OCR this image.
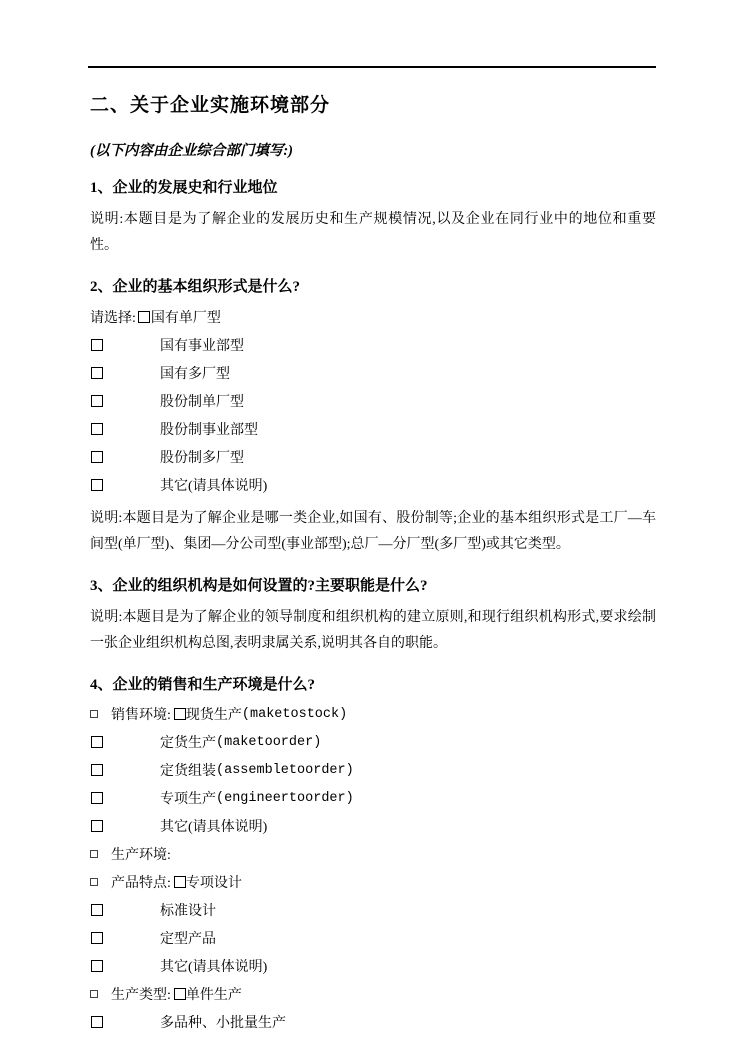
二、关于企业实施环境部分
(以下内容由企业综合部门填写:)
1、企业的发展史和行业地位

说明:本题目是为了解企业的发展历史和生产规模情况,以及企业在同行业中的地位和重要性。

2、企业的基本组织形式是什么?
请选择: 国有单厂型
国有事业部型
国有多厂型
股份制单厂型
股份制事业部型
股份制多厂型
其它(请具体说明)

说明:本题目是为了解企业是哪一类企业,如国有、股份制等;企业的基本组织形式是工厂—车间型(单厂型)、集团—分公司型(事业部型);总厂—分厂型(多厂型)或其它类型。

3、企业的组织机构是如何设置的?主要职能是什么?

说明:本题目是为了解企业的领导制度和组织机构的建立原则,和现行组织机构形式,要求绘制一张企业组织机构总图,表明隶属关系,说明其各自的职能。

4、企业的销售和生产环境是什么?
销售环境: 现货生产 (maketostock)
定货生产 (maketoorder)
定货组装 (assembletoorder)
专项生产 (engineertoorder)
其它(请具体说明)
生产环境:
产品特点: 专项设计
标准设计
定型产品
其它(请具体说明)
生产类型: 单件生产
多品种、小批量生产
